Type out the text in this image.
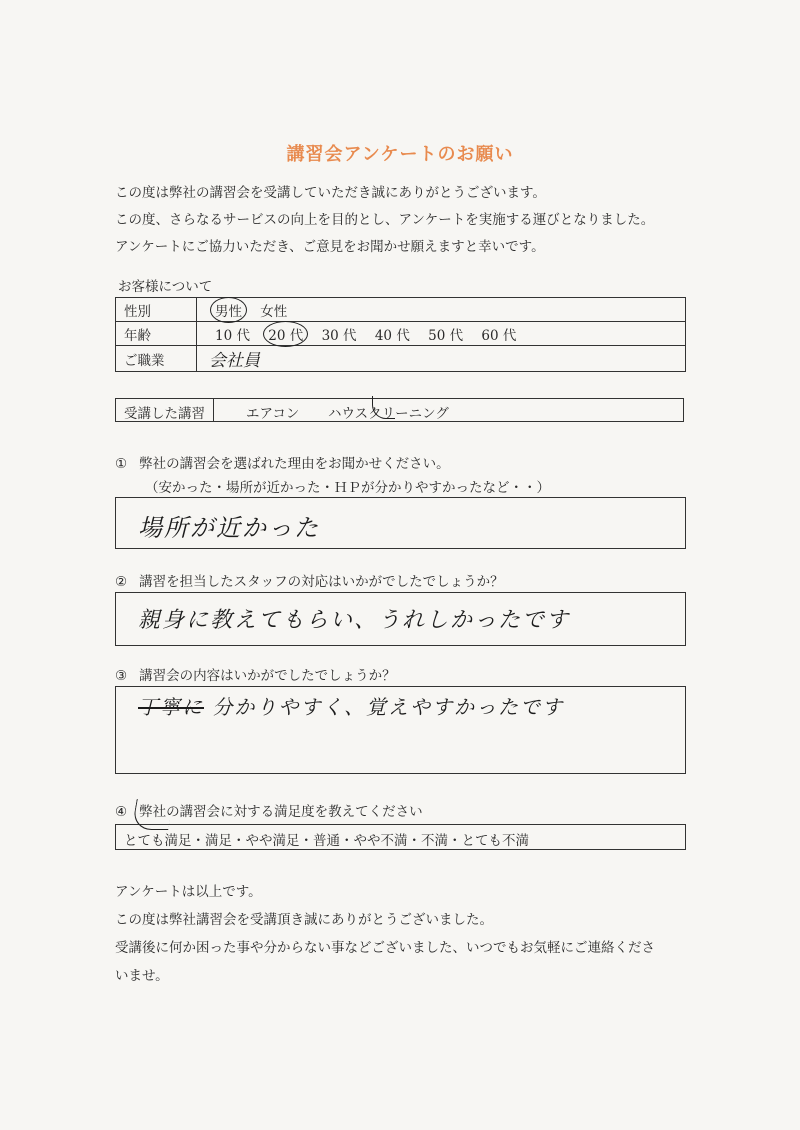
講習会アンケートのお願い
この度は弊社の講習会を受講していただき誠にありがとうございます。
この度、さらなるサービスの向上を目的とし、アンケートを実施する運びとなりました。
アンケートにご協力いただき、ご意見をお聞かせ願えますと幸いです。
お客様について
性別	男性 女性
年齢	10 代 20 代 30 代 40 代 50 代 60 代
ご職業	会社員
受講した講習	エアコン ハウスクリーニング
① 弊社の講習会を選ばれた理由をお聞かせください。
（安かった・場所が近かった・ＨＰが分かりやすかったなど・・）
場所が近かった
② 講習を担当したスタッフの対応はいかがでしたでしょうか？
親身に教えてもらい、うれしかったです
③ 講習会の内容はいかがでしたでしょうか？
丁寧に 分かりやすく、覚えやすかったです
④ 弊社の講習会に対する満足度を教えてください
とても満足・満足・やや満足・普通・やや不満・不満・とても不満
アンケートは以上です。
この度は弊社講習会を受講頂き誠にありがとうございました。
受講後に何か困った事や分からない事などございました、いつでもお気軽にご連絡くださ
いませ。
